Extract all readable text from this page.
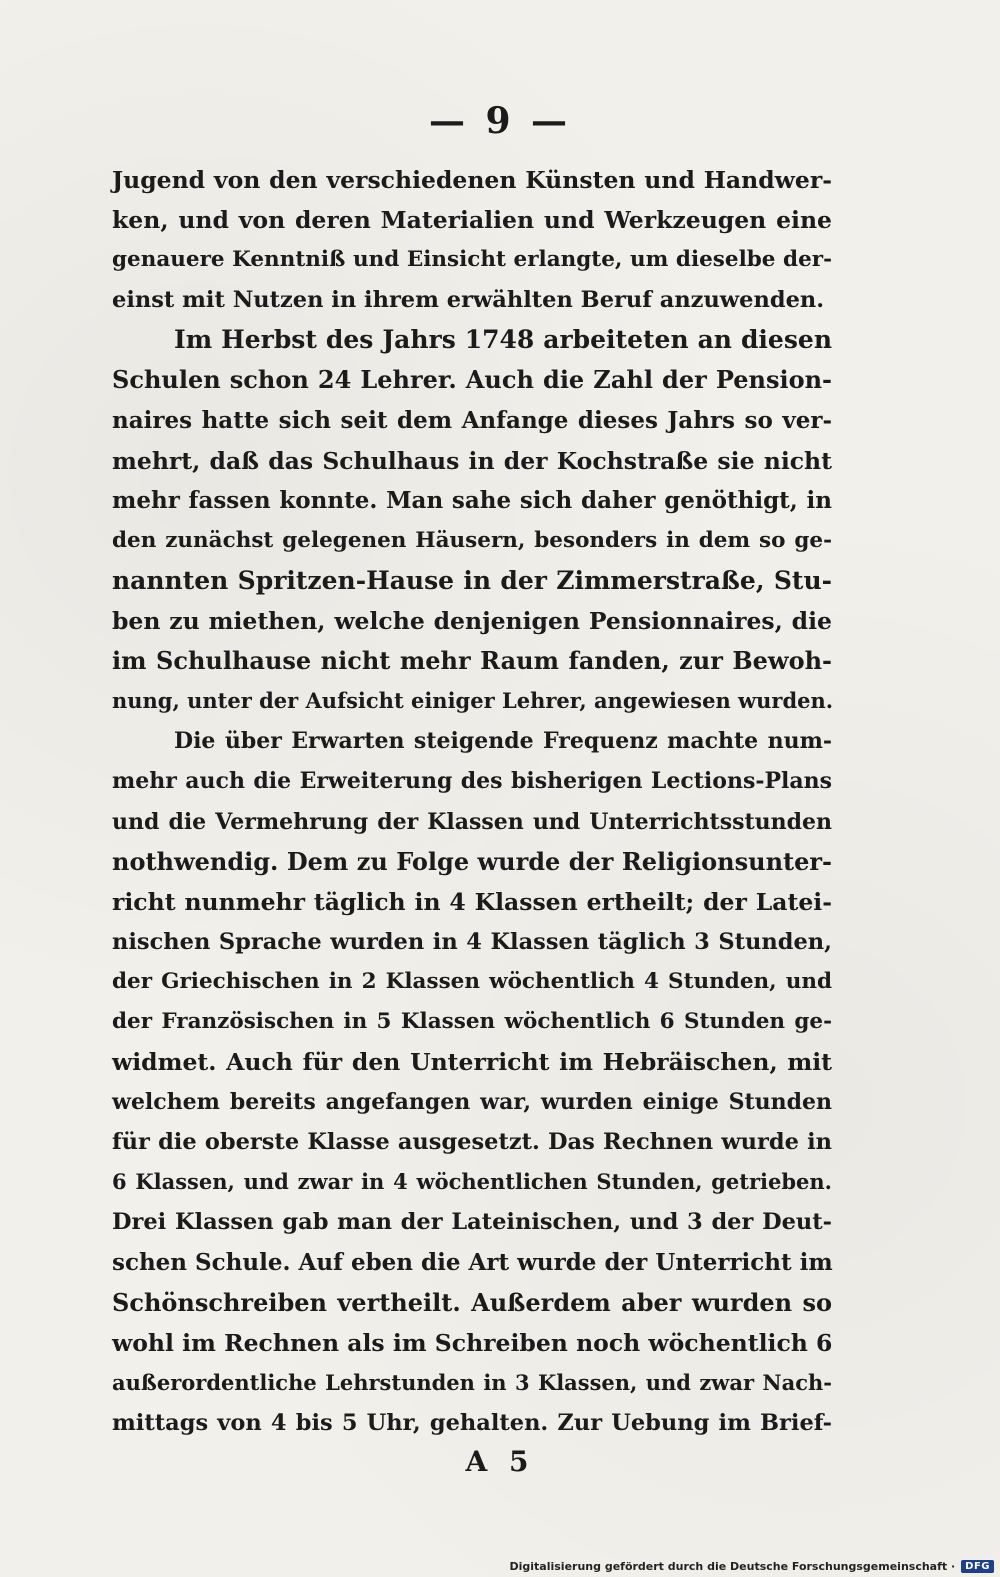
— 9 —
Jugend von den verschiedenen Künsten und Handwer-
ken, und von deren Materialien und Werkzeugen eine
genauere Kenntniß und Einsicht erlangte, um dieselbe der-
einst mit Nutzen in ihrem erwählten Beruf anzuwenden.
Im Herbst des Jahrs 1748 arbeiteten an diesen
Schulen schon 24 Lehrer. Auch die Zahl der Pension-
naires hatte sich seit dem Anfange dieses Jahrs so ver-
mehrt, daß das Schulhaus in der Kochstraße sie nicht
mehr fassen konnte. Man sahe sich daher genöthigt, in
den zunächst gelegenen Häusern, besonders in dem so ge-
nannten Spritzen-Hause in der Zimmerstraße, Stu-
ben zu miethen, welche denjenigen Pensionnaires, die
im Schulhause nicht mehr Raum fanden, zur Bewoh-
nung, unter der Aufsicht einiger Lehrer, angewiesen wurden.
Die über Erwarten steigende Frequenz machte num-
mehr auch die Erweiterung des bisherigen Lections-Plans
und die Vermehrung der Klassen und Unterrichtsstunden
nothwendig. Dem zu Folge wurde der Religionsunter-
richt nunmehr täglich in 4 Klassen ertheilt; der Latei-
nischen Sprache wurden in 4 Klassen täglich 3 Stunden,
der Griechischen in 2 Klassen wöchentlich 4 Stunden, und
der Französischen in 5 Klassen wöchentlich 6 Stunden ge-
widmet. Auch für den Unterricht im Hebräischen, mit
welchem bereits angefangen war, wurden einige Stunden
für die oberste Klasse ausgesetzt. Das Rechnen wurde in
6 Klassen, und zwar in 4 wöchentlichen Stunden, getrieben.
Drei Klassen gab man der Lateinischen, und 3 der Deut-
schen Schule. Auf eben die Art wurde der Unterricht im
Schönschreiben vertheilt. Außerdem aber wurden so
wohl im Rechnen als im Schreiben noch wöchentlich 6
außerordentliche Lehrstunden in 3 Klassen, und zwar Nach-
mittags von 4 bis 5 Uhr, gehalten. Zur Uebung im Brief-
A 5
Digitalisierung gefördert durch die Deutsche Forschungsgemeinschaft ·	DFG
